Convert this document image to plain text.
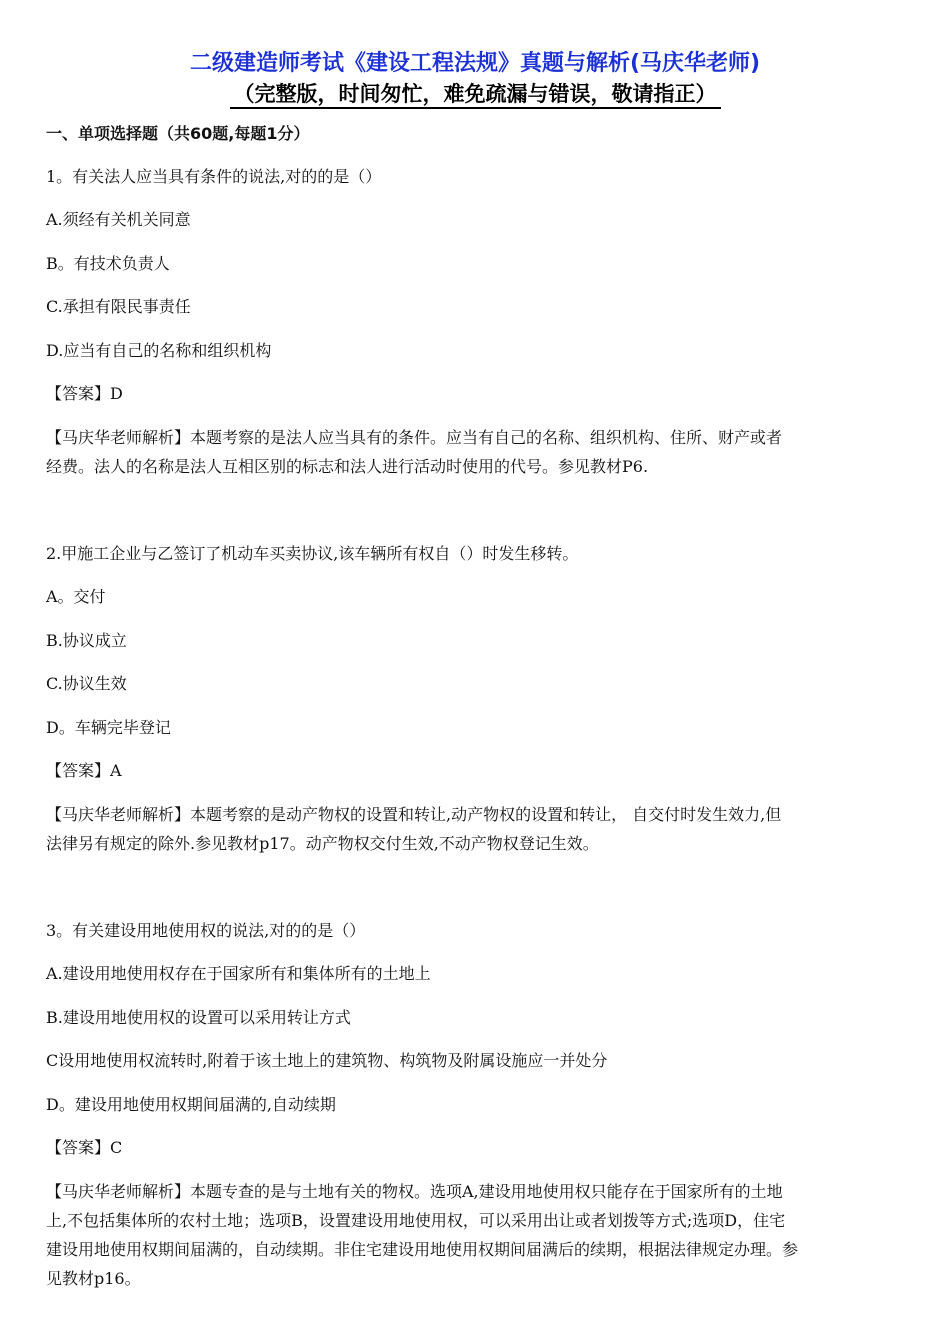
二级建造师考试《建设工程法规》真题与解析(马庆华老师)
（完整版，时间匆忙，难免疏漏与错误，敬请指正）
一、单项选择题（共60题,每题1分）
1。有关法人应当具有条件的说法,对的的是（）
A.须经有关机关同意
B。有技术负责人
C.承担有限民事责任
D.应当有自己的名称和组织机构
【答案】D
【马庆华老师解析】本题考察的是法人应当具有的条件。应当有自己的名称、组织机构、住所、财产或者
经费。法人的名称是法人互相区别的标志和法人进行活动时使用的代号。参见教材P6.
2.甲施工企业与乙签订了机动车买卖协议,该车辆所有权自（）时发生移转。
A。交付
B.协议成立
C.协议生效
D。车辆完毕登记
【答案】A
【马庆华老师解析】本题考察的是动产物权的设置和转让,动产物权的设置和转让， 自交付时发生效力,但
法律另有规定的除外.参见教材p17。动产物权交付生效,不动产物权登记生效。
3。有关建设用地使用权的说法,对的的是（）
A.建设用地使用权存在于国家所有和集体所有的土地上
B.建设用地使用权的设置可以采用转让方式
C设用地使用权流转时,附着于该土地上的建筑物、构筑物及附属设施应一并处分
D。建设用地使用权期间届满的,自动续期
【答案】C
【马庆华老师解析】本题专查的是与土地有关的物权。选项A,建设用地使用权只能存在于国家所有的土地
上,不包括集体所的农村土地；选项B，设置建设用地使用权，可以采用出让或者划拨等方式;选项D，住宅
建设用地使用权期间届满的，自动续期。非住宅建设用地使用权期间届满后的续期，根据法律规定办理。参
见教材p16。
